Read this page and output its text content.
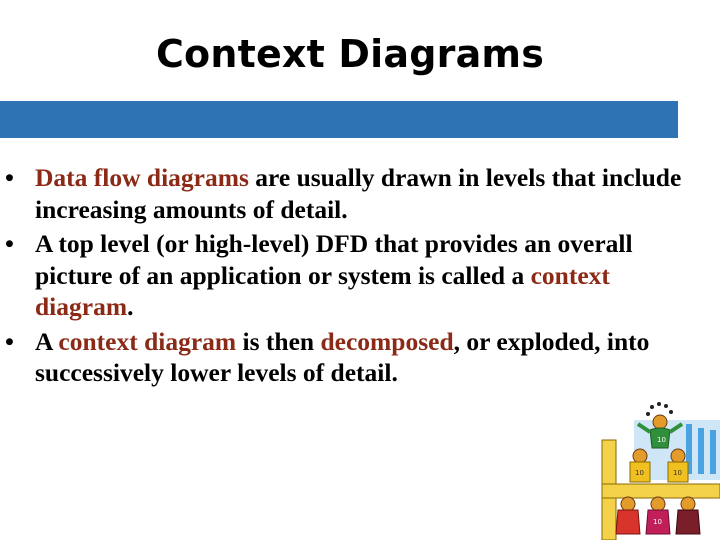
Context Diagrams
• Data flow diagrams are usually drawn in levels that include increasing amounts of detail.
• A top level (or high-level) DFD that provides an overall picture of an application or system is called a context diagram.
• A context diagram is then decomposed, or exploded, into successively lower levels of detail.
10
10	10
10
